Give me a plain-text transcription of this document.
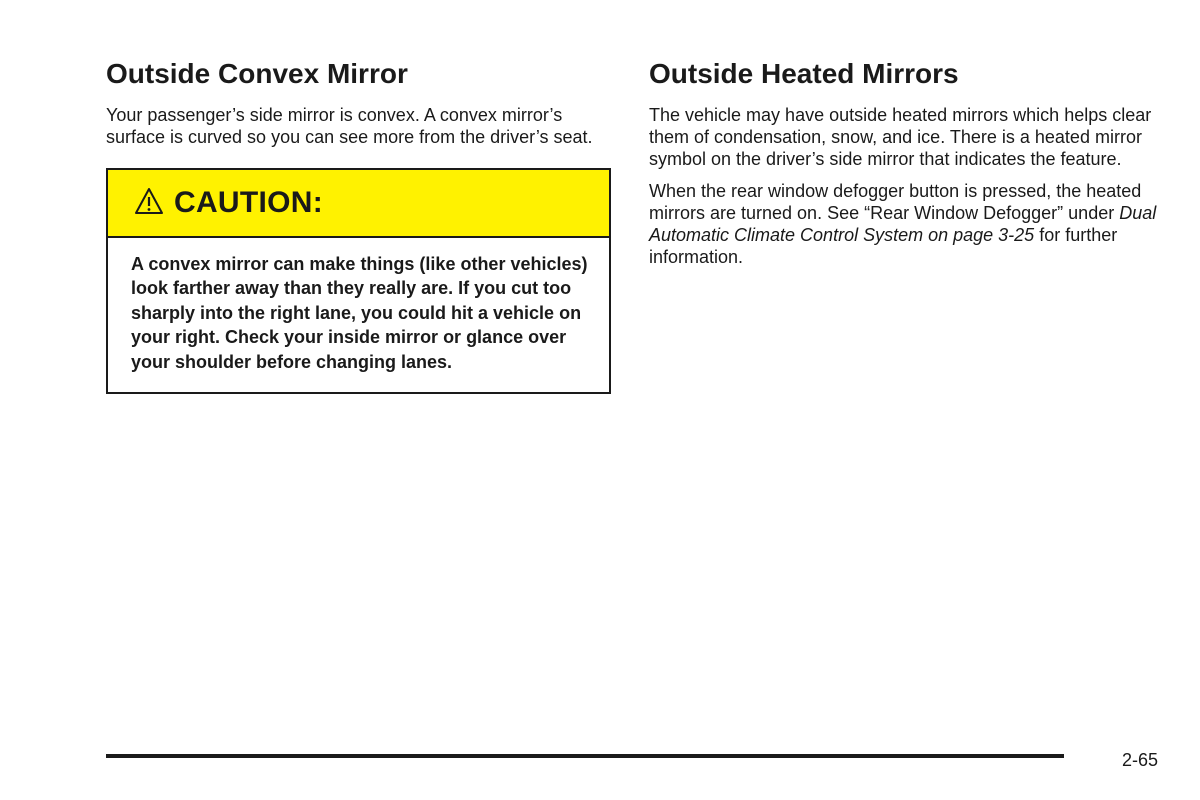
Outside Convex Mirror

Your passenger’s side mirror is convex. A convex mirror’s surface is curved so you can see more from the driver’s seat.

CAUTION:
A convex mirror can make things (like other vehicles) look farther away than they really are. If you cut too sharply into the right lane, you could hit a vehicle on your right. Check your inside mirror or glance over your shoulder before changing lanes.
Outside Heated Mirrors

The vehicle may have outside heated mirrors which helps clear them of condensation, snow, and ice. There is a heated mirror symbol on the driver’s side mirror that indicates the feature.

When the rear window defogger button is pressed, the heated mirrors are turned on. See “Rear Window Defogger” under Dual Automatic Climate Control System on page 3-25 for further information.

2-65
